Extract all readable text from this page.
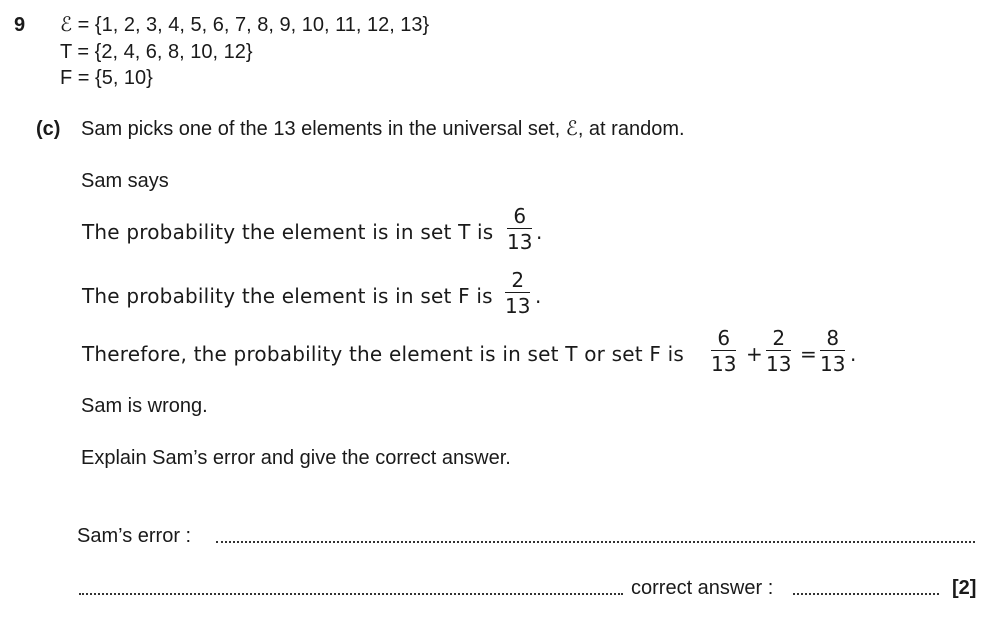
9 ℰ = {1, 2, 3, 4, 5, 6, 7, 8, 9, 10, 11, 12, 13}
T = {2, 4, 6, 8, 10, 12}
F = {5, 10}
(c) Sam picks one of the 13 elements in the universal set, ℰ, at random.
Sam says
The probability the element is in set T is
6
13 .
The probability the element is in set F is
2
13 .
Therefore, the probability the element is in set T or set F is
6
13 +
2
13 =
8
13 .
Sam is wrong.
Explain Sam’s error and give the correct answer.
Sam’s error :
correct answer :	[2]
